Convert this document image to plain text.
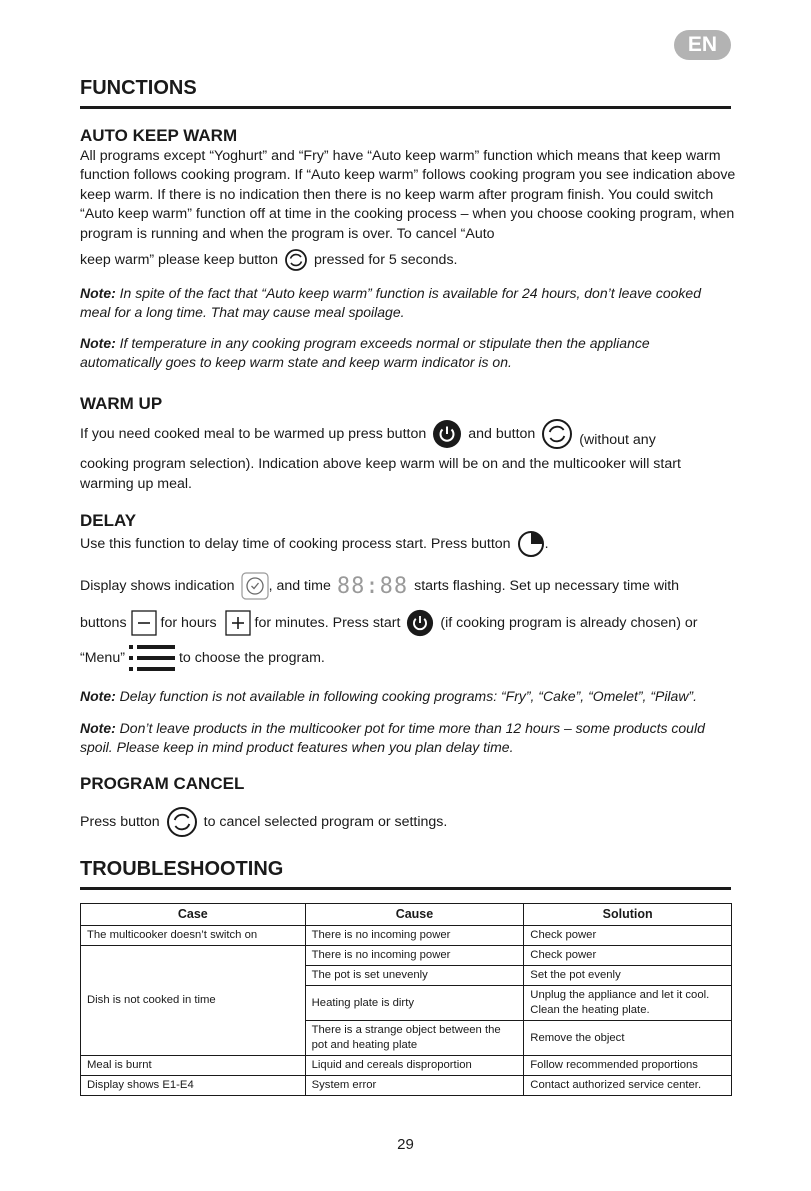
EN
FUNCTIONS
AUTO KEEP WARM
All programs except “Yoghurt” and “Fry” have “Auto keep warm” function which means that keep warm function follows cooking program. If “Auto keep warm” follows cooking program you see indication above keep warm. If there is no indication then there is no keep warm after program finish. You could switch “Auto keep warm” function off at time in the cooking process – when you choose cooking program, when program is running and when the program is over. To cancel “Auto
keep warm” please keep button	pressed for 5 seconds.
Note: In spite of the fact that “Auto keep warm” function is available for 24 hours, don’t leave cooked meal for a long time. That may cause meal spoilage.
Note: If temperature in any cooking program exceeds normal or stipulate then the appliance automatically goes to keep warm state and keep warm indicator is on.
WARM UP
If you need cooked meal to be warmed up press button	and button	(without any
cooking program selection). Indication above keep warm will be on and the multicooker will start
warming up meal.
DELAY
Use this function to delay time of cooking process start. Press button .
Display shows indication , and time 88:88 starts flashing. Set up necessary time with
buttons for hours	for minutes. Press start	(if cooking program is already chosen) or
“Menu”	to choose the program.
Note: Delay function is not available in following cooking programs: “Fry”, “Cake”, “Omelet”, “Pilaw”.
Note: Don’t leave products in the multicooker pot for time more than 12 hours – some products could spoil. Please keep in mind product features when you plan delay time.
PROGRAM CANCEL
Press button	to cancel selected program or settings.
TROUBLESHOOTING
Case	Cause	Solution
The multicooker doesn’t switch on	There is no incoming power	Check power
Dish is not cooked in time	There is no incoming power	Check power
	The pot is set unevenly	Set the pot evenly
	Heating plate is dirty	Unplug the appliance and let it cool. Clean the heating plate.
	There is a strange object between the pot and heating plate	Remove the object
Meal is burnt	Liquid and cereals disproportion	Follow recommended proportions
Display shows E1-E4	System error	Contact authorized service center.
29
